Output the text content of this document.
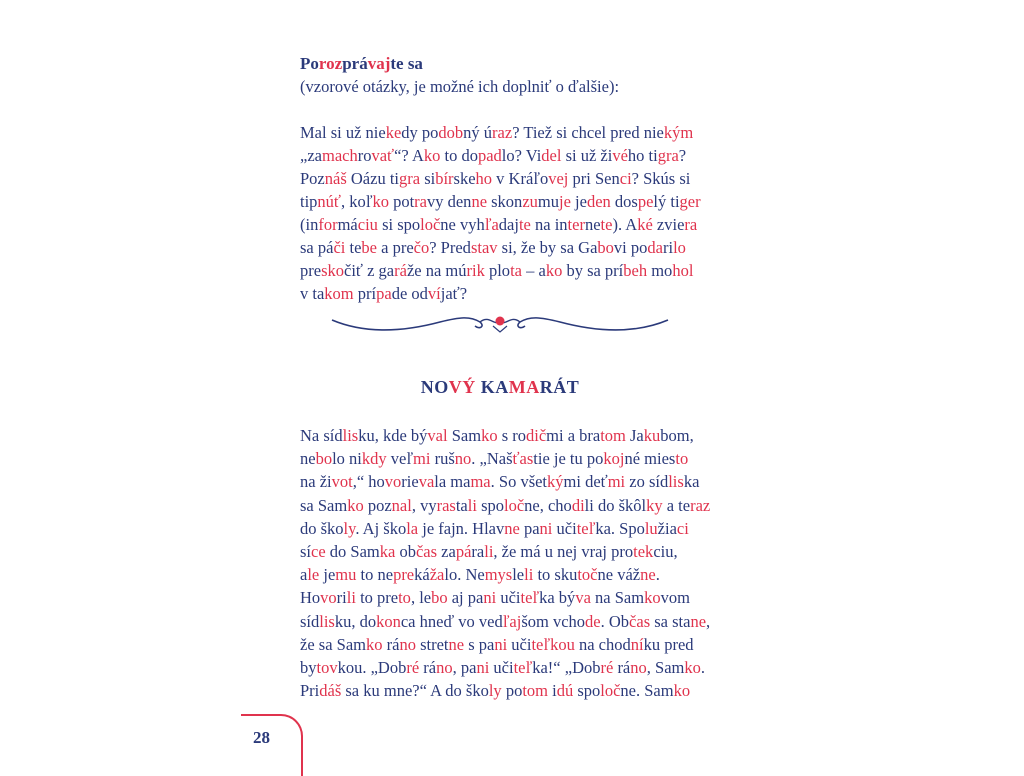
Porozprávajte sa
(vzorové otázky, je možné ich doplniť o ďalšie):
Mal si už niekedy podobný úraz? Tiež si chcel pred niekým
„zamachrovať“? Ako to dopadlo? Videl si už živého tigra?
Poznáš Oázu tigra sibírskeho v Kráľovej pri Senci? Skús si
tipnúť, koľko potravy denne skonzumuje jeden dospelý tiger
(informáciu si spoločne vyhľadajte na internete). Aké zviera
sa páči tebe a prečo? Predstav si, že by sa Gabovi podarilo
preskočiť z garáže na múrik plota – ako by sa príbeh mohol
v takom prípade odvíjať?
NOVÝ KAMARÁT
Na sídlisku, kde býval Samko s rodičmi a bratom Jakubom,
nebolo nikdy veľmi rušno. „Našťastie je tu pokojné miesto
na život,“ hovorievala mama. So všetkými deťmi zo sídliska
sa Samko poznal, vyrastali spoločne, chodili do škôlky a teraz
do školy. Aj škola je fajn. Hlavne pani učiteľka. Spolužiaci
síce do Samka občas zapárali, že má u nej vraj protekciu,
ale jemu to neprekážalo. Nemysleli to skutočne vážne.
Hovorili to preto, lebo aj pani učiteľka býva na Samkovom
sídlisku, dokonca hneď vo vedľajšom vchode. Občas sa stane,
že sa Samko ráno stretne s pani učiteľkou na chodníku pred
bytovkou. „Dobré ráno, pani učiteľka!“ „Dobré ráno, Samko.
Pridáš sa ku mne?“ A do školy potom idú spoločne. Samko
28
